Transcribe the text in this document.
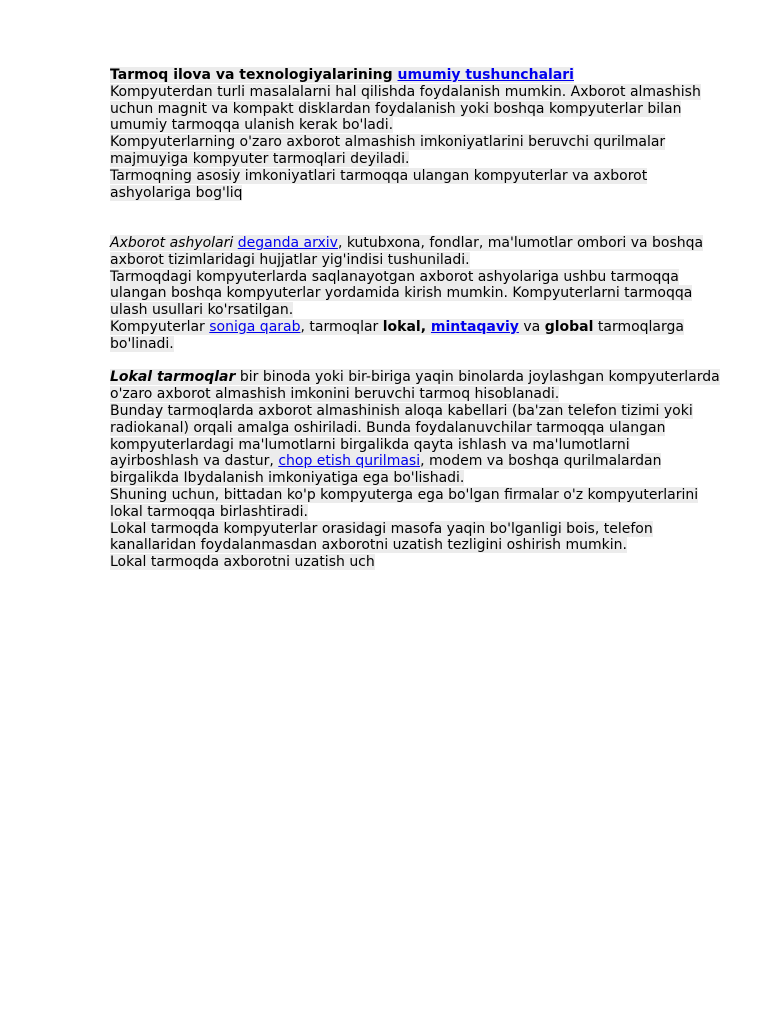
Tarmoq ilova va texnologiyalarining umumiy tushunchalari

Kompyuterdan turli masalalarni hal qilishda foydalanish mumkin. Axborot almashish uchun magnit va kompakt disklardan foydalanish yoki boshqa kompyuterlar bilan umumiy tarmoqqa ulanish kerak bo'ladi.

Kompyuterlarning o'zaro axborot almashish imkoniyatlarini beruvchi qurilmalar majmuyiga kompyuter tarmoqlari deyiladi.

Tarmoqning asosiy imkoniyatlari tarmoqqa ulangan kompyuterlar va axborot ashyolariga bog'liq

Axborot ashyolari deganda arxiv, kutubxona, fondlar, ma'lumotlar ombori va boshqa axborot tizimlaridagi hujjatlar yig'indisi tushuniladi.

Tarmoqdagi kompyuterlarda saqlanayotgan axborot ashyolariga ushbu tarmoqqa ulangan boshqa kompyuterlar yordamida kirish mumkin. Kompyuterlarni tarmoqqa ulash usullari ko'rsatilgan.

Kompyuterlar soniga qarab, tarmoqlar lokal, mintaqaviy va global tarmoqlarga bo'linadi.

Lokal tarmoqlar bir binoda yoki bir-biriga yaqin binolarda joylashgan kompyuterlarda o'zaro axborot almashish imkonini beruvchi tarmoq hisoblanadi.

Bunday tarmoqlarda axborot almashinish aloqa kabellari (ba'zan telefon tizimi yoki radiokanal) orqali amalga oshiriladi. Bunda foydalanuvchilar tarmoqqa ulangan kompyuterlardagi ma'lumotlarni birgalikda qayta ishlash va ma'lumotlarni ayirboshlash va dastur, chop etish qurilmasi, modem va boshqa qurilmalardan birgalikda Ibydalanish imkoniyatiga ega bo'lishadi.

Shuning uchun, bittadan ko'p kompyuterga ega bo'lgan firmalar o'z kompyuterlarini lokal tarmoqqa birlashtiradi.

Lokal tarmoqda kompyuterlar orasidagi masofa yaqin bo'lganligi bois, telefon kanallaridan foydalanmasdan axborotni uzatish tezligini oshirish mumkin.

Lokal tarmoqda axborotni uzatish uch
